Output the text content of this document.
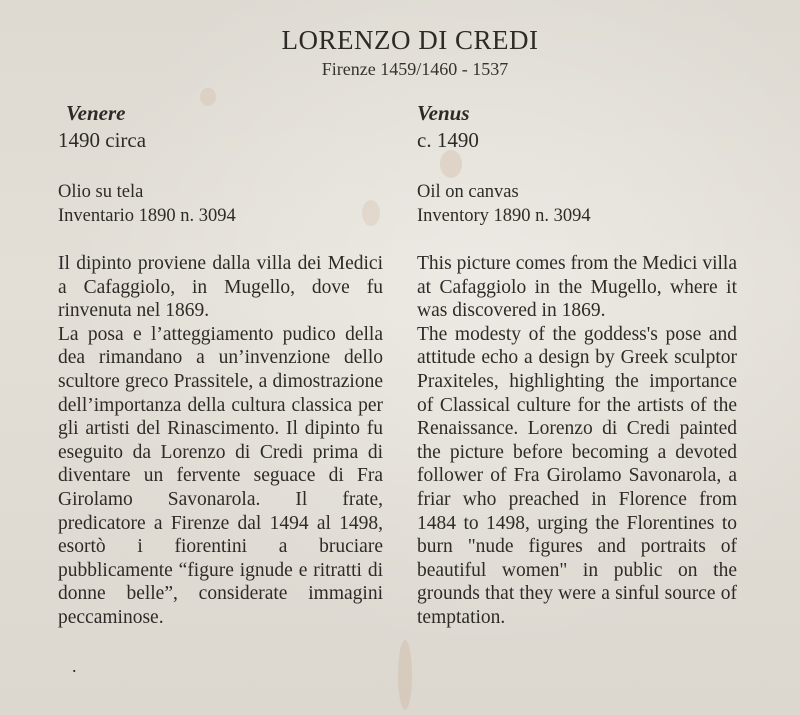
LORENZO DI CREDI
Firenze 1459/1460 - 1537
Venere
1490 circa
Olio su tela
Inventario 1890 n. 3094

Il dipinto proviene dalla villa dei Medici a Cafaggiolo, in Mugello, dove fu rinvenuta nel 1869.

La posa e l’atteggiamento pudico della dea rimandano a un’invenzione dello scultore greco Prassitele, a dimostrazione dell’importanza della cultura classica per gli artisti del Rinascimento. Il dipinto fu eseguito da Lorenzo di Credi prima di diventare un fervente seguace di Fra Girolamo Savonarola. Il frate, predicatore a Firenze dal 1494 al 1498, esortò i fiorentini a bruciare pubblicamente “figure ignude e ritratti di donne belle”, considerate immagini peccaminose.

.
Venus
c. 1490
Oil on canvas
Inventory 1890 n. 3094

This picture comes from the Medici villa at Cafaggiolo in the Mugello, where it was discovered in 1869.

The modesty of the goddess's pose and attitude echo a design by Greek sculptor Praxiteles, highlighting the importance of Classical culture for the artists of the Renaissance. Lorenzo di Credi painted the picture before becoming a devoted follower of Fra Girolamo Savonarola, a friar who preached in Florence from 1484 to 1498, urging the Florentines to burn "nude figures and portraits of beautiful women" in public on the grounds that they were a sinful source of temptation.
